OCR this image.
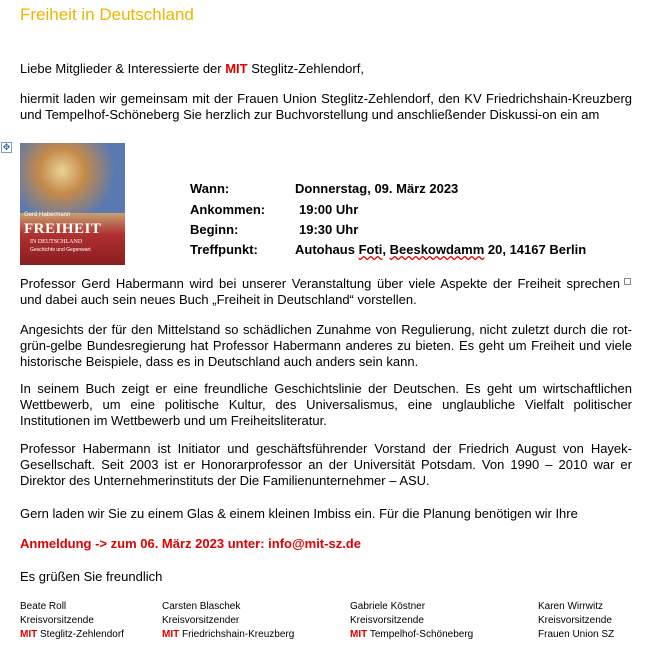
Freiheit in Deutschland
Liebe Mitglieder & Interessierte der MIT Steglitz-Zehlendorf,
hiermit laden wir gemeinsam mit der Frauen Union Steglitz-Zehlendorf, den KV Friedrichshain-Kreuzberg und Tempelhof-Schöneberg Sie herzlich zur Buchvorstellung und anschließender Diskussi-on ein am
✥
Gerd Habermann
FREIHEIT
IN DEUTSCHLAND
Geschichte und Gegenwart
Wann:	Donnerstag, 09. März 2023
Ankommen:	19:00 Uhr
Beginn:	19:30 Uhr
Treffpunkt:	Autohaus Foti, Beeskowdamm 20, 14167 Berlin
Professor Gerd Habermann wird bei unserer Veranstaltung über viele Aspekte der Freiheit sprechen und dabei auch sein neues Buch „Freiheit in Deutschland“ vorstellen.
Angesichts der für den Mittelstand so schädlichen Zunahme von Regulierung, nicht zuletzt durch die rot-grün-gelbe Bundesregierung hat Professor Habermann anderes zu bieten. Es geht um Freiheit und viele historische Beispiele, dass es in Deutschland auch anders sein kann.
In seinem Buch zeigt er eine freundliche Geschichtslinie der Deutschen. Es geht um wirtschaftlichen Wettbewerb, um eine politische Kultur, des Universalismus, eine unglaubliche Vielfalt politischer Institutionen im Wettbewerb und um Freiheitsliteratur.
Professor Habermann ist Initiator und geschäftsführender Vorstand der Friedrich August von Hayek-Gesellschaft. Seit 2003 ist er Honorarprofessor an der Universität Potsdam. Von 1990 – 2010 war er Direktor des Unternehmerinstituts der Die Familienunternehmer – ASU.
Gern laden wir Sie zu einem Glas & einem kleinen Imbiss ein. Für die Planung benötigen wir Ihre
Anmeldung -> zum 06. März 2023 unter: info@mit-sz.de
Es grüßen Sie freundlich
Beate Roll
Kreisvorsitzende
MIT Steglitz-Zehlendorf
Carsten Blaschek
Kreisvorsitzender
MIT Friedrichshain-Kreuzberg
Gabriele Köstner
Kreisvorsitzende
MIT Tempelhof-Schöneberg
Karen Wirrwitz
Kreisvorsitzende
Frauen Union SZ
